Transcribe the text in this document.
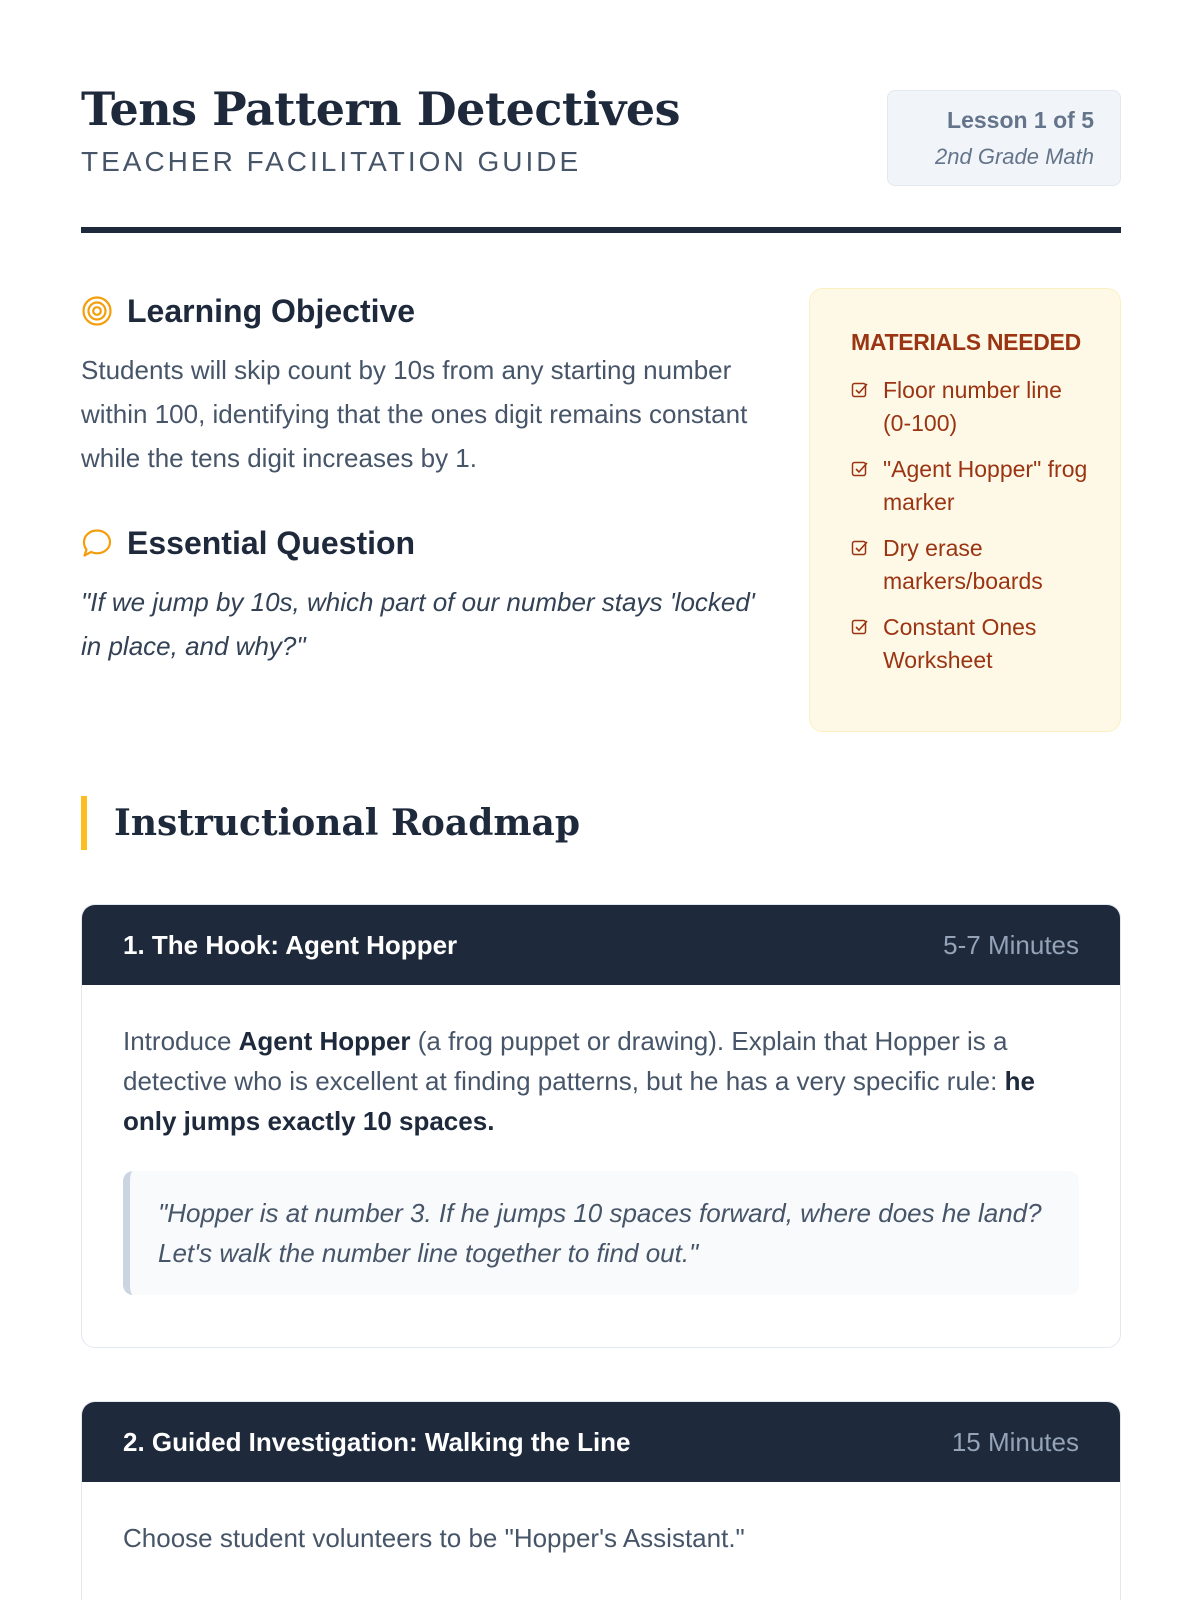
Tens Pattern Detectives
TEACHER FACILITATION GUIDE
Lesson 1 of 5
2nd Grade Math
Learning Objective

Students will skip count by 10s from any starting number within 100, identifying that the ones digit remains constant while the tens digit increases by 1.

Essential Question

"If we jump by 10s, which part of our number stays 'locked' in place, and why?"

MATERIALS NEEDED
Floor number line (0-100)
"Agent Hopper" frog marker
Dry erase markers/boards
Constant Ones Worksheet
Instructional Roadmap
1. The Hook: Agent Hopper	5-7 Minutes

Introduce Agent Hopper (a frog puppet or drawing). Explain that Hopper is a detective who is excellent at finding patterns, but he has a very specific rule: he only jumps exactly 10 spaces.

"Hopper is at number 3. If he jumps 10 spaces forward, where does he land? Let's walk the number line together to find out."
2. Guided Investigation: Walking the Line	15 Minutes

Choose student volunteers to be "Hopper's Assistant."
